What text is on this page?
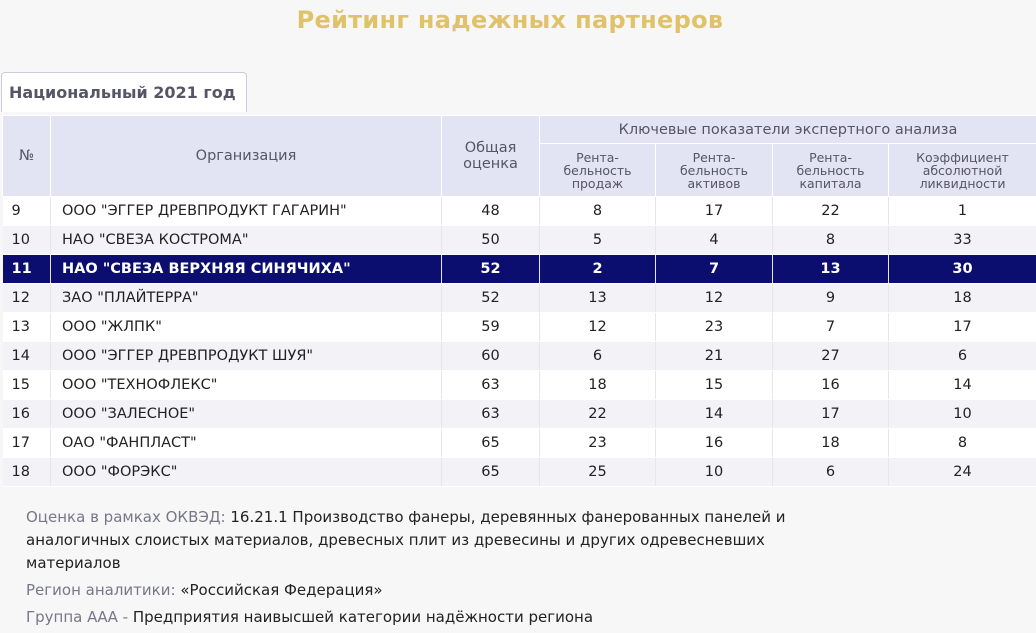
Рейтинг надежных партнеров
Национальный 2021 год
№	Организация	Общая оценка	Ключевые показатели экспертного анализа			
			Рента-бельность продаж	Рента-бельность активов	Рента-бельность капитала	Коэффициент абсолютной ликвидности
9	ООО "ЭГГЕР ДРЕВПРОДУКТ ГАГАРИН"	48	8	17	22	1
10	НАО "СВЕЗА КОСТРОМА"	50	5	4	8	33
11	НАО "СВЕЗА ВЕРХНЯЯ СИНЯЧИХА"	52	2	7	13	30
12	ЗАО "ПЛАЙТЕРРА"	52	13	12	9	18
13	ООО "ЖЛПК"	59	12	23	7	17
14	ООО "ЭГГЕР ДРЕВПРОДУКТ ШУЯ"	60	6	21	27	6
15	ООО "ТЕХНОФЛЕКС"	63	18	15	16	14
16	ООО "ЗАЛЕСНОЕ"	63	22	14	17	10
17	ОАО "ФАНПЛАСТ"	65	23	16	18	8
18	ООО "ФОРЭКС"	65	25	10	6	24

Оценка в рамках ОКВЭД: 16.21.1 Производство фанеры, деревянных фанерованных панелей и аналогичных слоистых материалов, древесных плит из древесины и других одревесневших материалов

Регион аналитики: «Российская Федерация»

Группа ААА - Предприятия наивысшей категории надёжности региона
